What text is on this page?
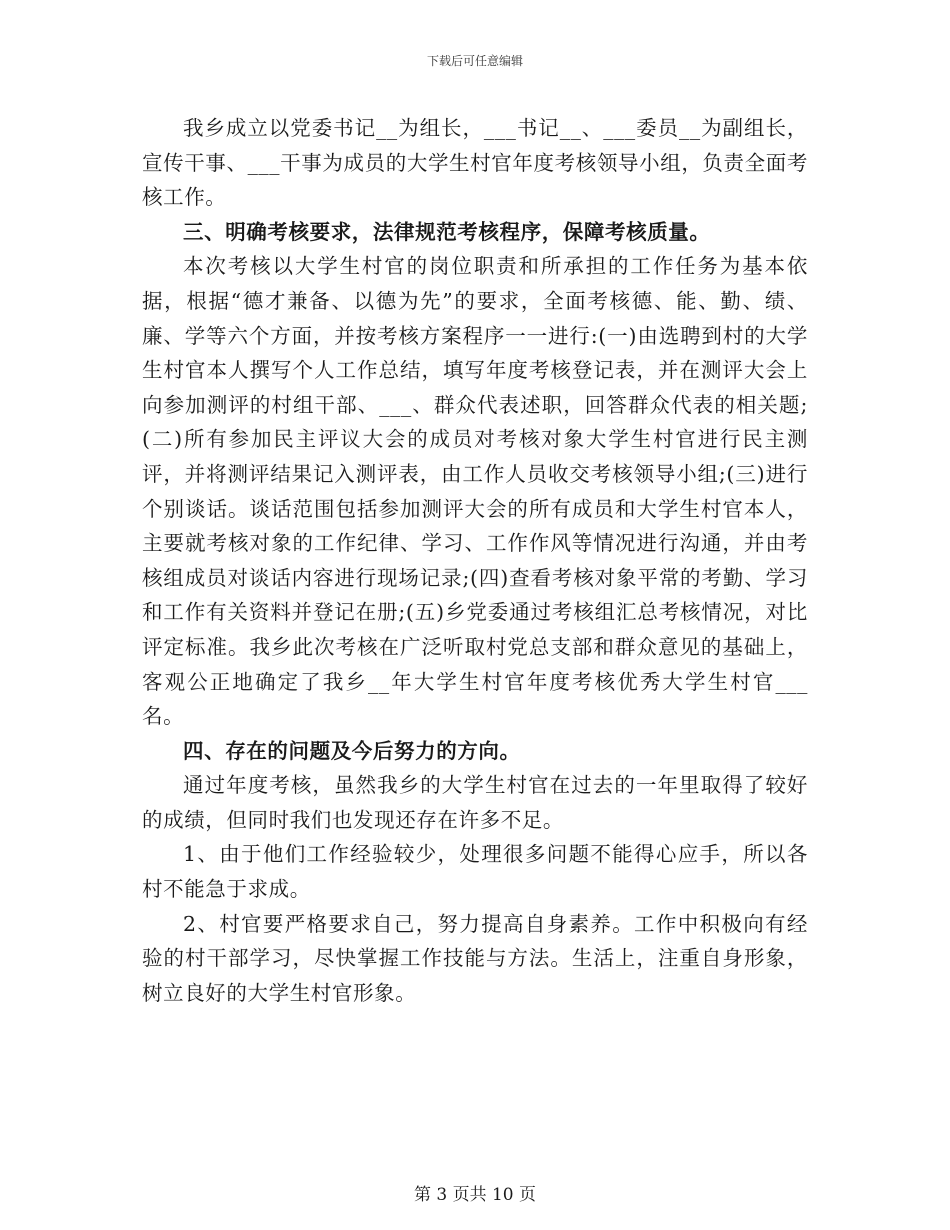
下载后可任意编辑

我乡成立以党委书记__为组长，___书记__、___委员__为副组长，宣传干事、___干事为成员的大学生村官年度考核领导小组，负责全面考核工作。

三、明确考核要求，法律规范考核程序，保障考核质量。

本次考核以大学生村官的岗位职责和所承担的工作任务为基本依据，根据“德才兼备、以德为先”的要求，全面考核德、能、勤、绩、廉、学等六个方面，并按考核方案程序一一进行:(一)由选聘到村的大学生村官本人撰写个人工作总结，填写年度考核登记表，并在测评大会上向参加测评的村组干部、___、群众代表述职，回答群众代表的相关题;(二)所有参加民主评议大会的成员对考核对象大学生村官进行民主测评，并将测评结果记入测评表，由工作人员收交考核领导小组;(三)进行个别谈话。谈话范围包括参加测评大会的所有成员和大学生村官本人，主要就考核对象的工作纪律、学习、工作作风等情况进行沟通，并由考核组成员对谈话内容进行现场记录;(四)查看考核对象平常的考勤、学习和工作有关资料并登记在册;(五)乡党委通过考核组汇总考核情况，对比评定标准。我乡此次考核在广泛听取村党总支部和群众意见的基础上，客观公正地确定了我乡__年大学生村官年度考核优秀大学生村官___名。

四、存在的问题及今后努力的方向。

通过年度考核，虽然我乡的大学生村官在过去的一年里取得了较好的成绩，但同时我们也发现还存在许多不足。

1、由于他们工作经验较少，处理很多问题不能得心应手，所以各村不能急于求成。

2、村官要严格要求自己，努力提高自身素养。工作中积极向有经验的村干部学习，尽快掌握工作技能与方法。生活上，注重自身形象，树立良好的大学生村官形象。

第 3 页共 10 页
